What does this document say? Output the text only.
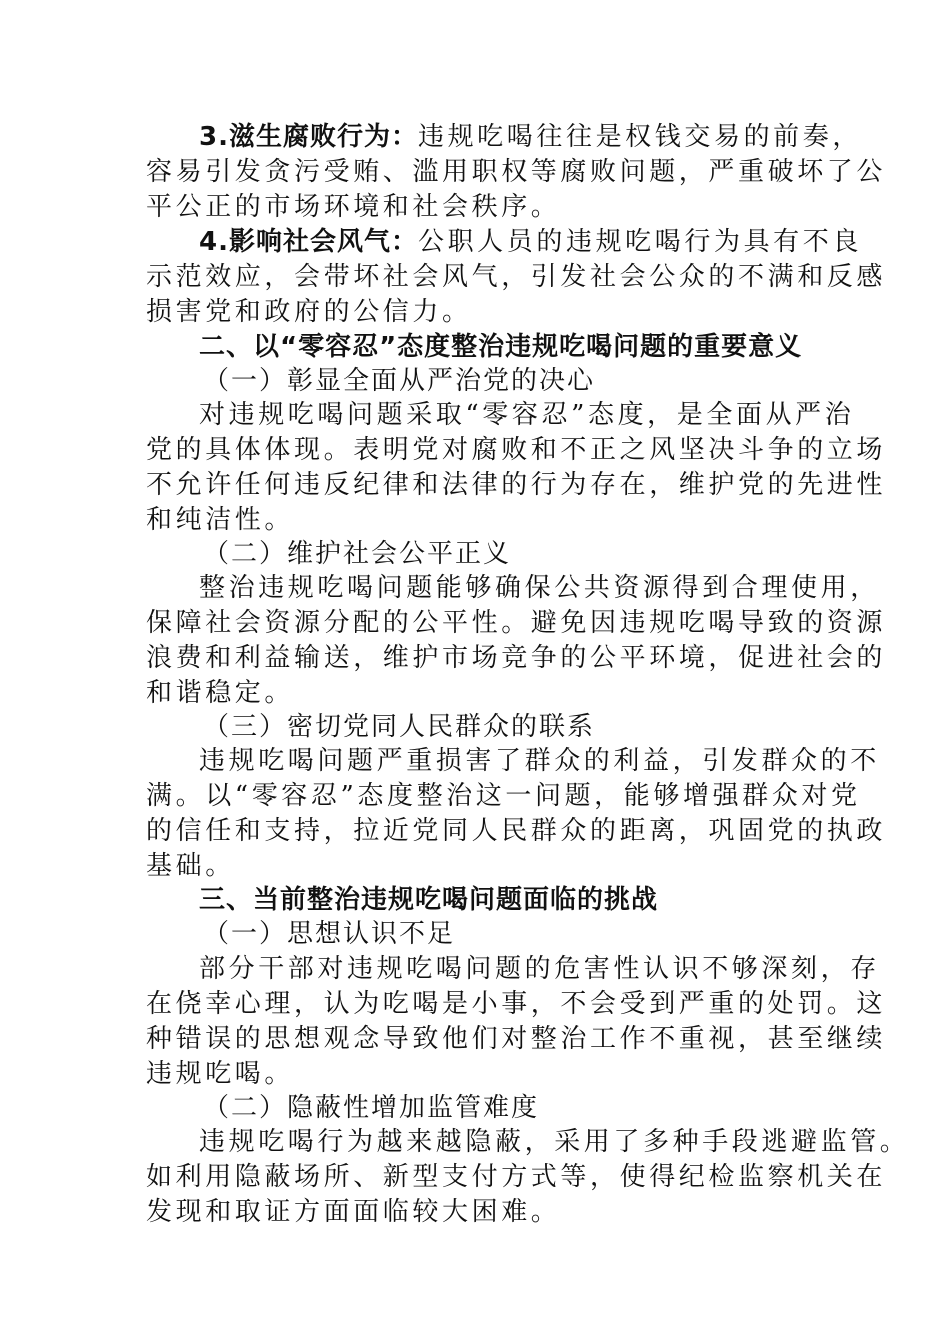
3.滋生腐败行为：违规吃喝往往是权钱交易的前奏，
容易引发贪污受贿、滥用职权等腐败问题，严重破坏了公
平公正的市场环境和社会秩序。
4.影响社会风气：公职人员的违规吃喝行为具有不良
示范效应，会带坏社会风气，引发社会公众的不满和反感
损害党和政府的公信力。
二、以“零容忍”态度整治违规吃喝问题的重要意义
（一）彰显全面从严治党的决心
对违规吃喝问题采取“零容忍”态度，是全面从严治
党的具体体现。表明党对腐败和不正之风坚决斗争的立场
不允许任何违反纪律和法律的行为存在，维护党的先进性
和纯洁性。
（二）维护社会公平正义
整治违规吃喝问题能够确保公共资源得到合理使用，
保障社会资源分配的公平性。避免因违规吃喝导致的资源
浪费和利益输送，维护市场竞争的公平环境，促进社会的
和谐稳定。
（三）密切党同人民群众的联系
违规吃喝问题严重损害了群众的利益，引发群众的不
满。以“零容忍”态度整治这一问题，能够增强群众对党
的信任和支持，拉近党同人民群众的距离，巩固党的执政
基础。
三、当前整治违规吃喝问题面临的挑战
（一）思想认识不足
部分干部对违规吃喝问题的危害性认识不够深刻，存
在侥幸心理，认为吃喝是小事，不会受到严重的处罚。这
种错误的思想观念导致他们对整治工作不重视，甚至继续
违规吃喝。
（二）隐蔽性增加监管难度
违规吃喝行为越来越隐蔽，采用了多种手段逃避监管。
如利用隐蔽场所、新型支付方式等，使得纪检监察机关在
发现和取证方面面临较大困难。
